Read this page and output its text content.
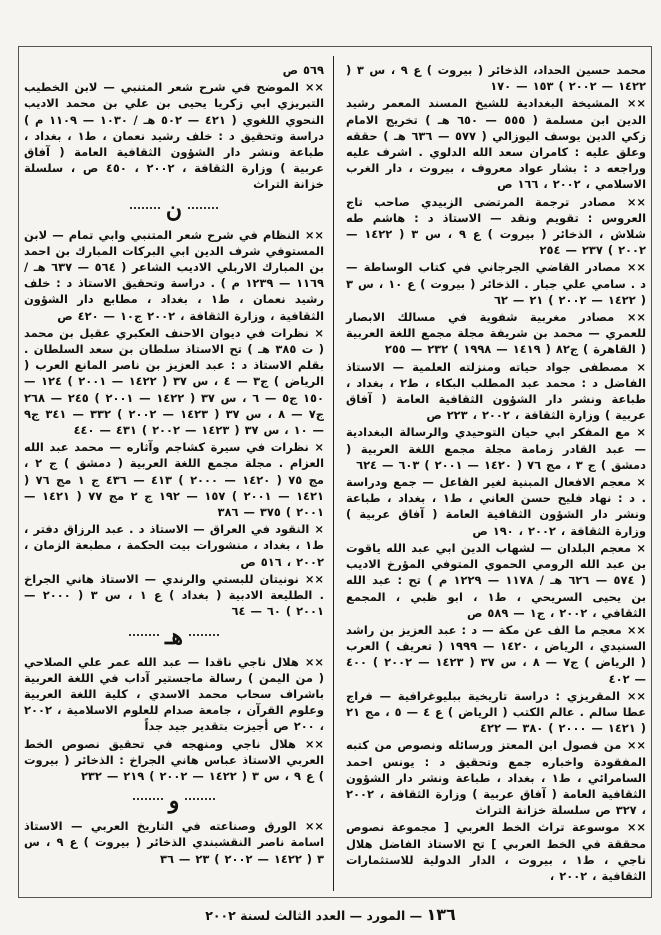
محمد حسين الحداد، الذخائر ( بيروت ) ع ٩ ، س ٣ ( ١٤٢٢ — ٢٠٠٢ ) ١٥٣ — ١٧٠

×× المشيخة البغدادية للشيخ المسند المعمر رشيد الدين ابن مسلمة ( ٥٥٥ — ٦٥٠ هـ ) تخريج الامام زكي الدين يوسف اليوزالي ( ٥٧٧ — ٦٣٦ هـ ) حققه وعلق عليه : كامران سعد الله الدلوي . اشرف عليه وراجعه د : بشار عواد معروف ، بيروت ، دار الغرب الاسلامي ، ٢٠٠٢ ، ١٦٦ ص

×× مصادر ترجمة المرتضى الزبيدي صاحب تاج العروس : تقويم ونقد — الاستاذ د : هاشم طه شلاش ، الذخائر ( بيروت ) ع ٩ ، س ٣ ( ١٤٢٢ — ٢٠٠٢ ) ٢٣٧ — ٢٥٤

×× مصادر القاضي الجرجاني في كتاب الوساطة — د . سامي علي جبار . الذخائر ( بيروت ) ع ١٠ ، س ٣ ( ١٤٢٢ — ٢٠٠٢ ) ٢١ — ٦٢

×× مصادر مغربية شفوية في مسالك الابصار للعمري — محمد بن شريفة مجلة مجمع اللغة العربية ( القاهرة ) ج٨٢ ( ١٤١٩ — ١٩٩٨ ) ٢٣٢ — ٢٥٥

× مصطفى جواد حياته ومنزلته العلمية — الاستاذ الفاضل د : محمد عبد المطلب البكاء ، ط٢ ، بغداد ، طباعة ونشر دار الشؤون الثقافية العامة ( آفاق عربية ) وزارة الثقافة ، ٢٠٠٢ ، ٢٢٣ ص

× مع المفكر ابي حيان التوحيدي والرسالة البغدادية — عبد القادر زمامة مجلة مجمع اللغة العربية ( دمشق ) ج ٣ ، مج ٧٦ ( ١٤٢٠ — ٢٠٠١ ) ٦٠٣ — ٦٢٤

× معجم الافعال المبنية لغير الفاعل — جمع ودراسة . د : نهاد فليح حسن العاني ، ط١ ، بغداد ، طباعة ونشر دار الشؤون الثقافية العامة ( آفاق عربية ) وزارة الثقافة ، ٢٠٠٢ ، ١٩٠ ص

× معجم البلدان — لشهاب الدين ابي عبد الله ياقوت بن عبد الله الرومي الحموي المتوفي المؤرخ الاديب ( ٥٧٤ — ٦٢٦ هـ / ١١٧٨ — ١٢٢٩ م ) تح : عبد الله بن يحيى السريحي ، ط١ ، ابو ظبي ، المجمع الثقافي ، ٢٠٠٢ ، ج١ — ٥٨٩ ص

×× معجم ما الف عن مكة — د : عبد العزيز بن راشد السنيدي ، الرياض ، ١٤٢٠ — ١٩٩٩ ( تعريف ) العرب ( الرياض ) ج٧ — ٨ ، س ٣٧ ( ١٤٢٣ — ٢٠٠٢ ) ٤٠٠ — ٤٠٢

×× المقريزي : دراسة تاريخية ببليوغرافية — فراج عطا سالم . عالم الكتب ( الرياض ) ع ٤ — ٥ ، مج ٢١ ( ١٤٢١ — ٢٠٠٠ ) ٣٨٠ — ٤٢٢

×× من فصول ابن المعتز ورسائله ونصوص من كتبه المفقودة واخباره جمع وتحقيق د : يونس احمد السامرائي ، ط١ ، بغداد ، طباعة ونشر دار الشؤون الثقافية العامة ( آفاق عربية ) وزارة الثقافة ، ٢٠٠٢ ، ٣٢٧ ص سلسلة خزانة التراث

×× موسوعة تراث الخط العربي [ مجموعة نصوص محققة في الخط العربي ] تح الاستاذ الفاضل هلال ناجي ، ط١ ، بيروت ، الدار الدولية للاستثمارات الثقافية ، ٢٠٠٢ ،

٥٦٩ ص
×× الموضح في شرح شعر المتنبي — لابن الخطيب التبريزي ابي زكريا يحيى بن علي بن محمد الاديب النحوي اللغوي ( ٤٢١ — ٥٠٢ هـ / ١٠٣٠ — ١١٠٩ م ) دراسة وتحقيق د : خلف رشيد نعمان ، ط١ ، بغداد ، طباعة ونشر دار الشؤون الثقافية العامة ( آفاق عربية ) وزارة الثقافة ، ٢٠٠٢ ، ٤٥٠ ص ، سلسلة خزانة التراث
ن
×× النظام في شرح شعر المتنبي وابي تمام — لابن المستوفي شرف الدين ابي البركات المبارك بن احمد بن المبارك الاربلي الاديب الشاعر ( ٥٦٤ — ٦٣٧ هـ / ١١٦٩ — ١٢٣٩ م ) . دراسة وتحقيق الاستاذ د : خلف رشيد نعمان ، ط١ ، بغداد ، مطابع دار الشؤون الثقافية ، وزارة الثقافة ، ٢٠٠٢ ج١٠ — ٤٢٠ ص
× نظرات في ديوان الاحنف العكبري عقيل بن محمد ( ت ٣٨٥ هـ ) تح الاستاذ سلطان بن سعد السلطان . بقلم الاستاذ د : عبد العزيز بن ناصر المانع العرب ( الرياض ) ج٣ — ٤ ، س ٣٧ ( ١٤٢٢ — ٢٠٠١ ) ١٢٤ — ١٥٠ ج٥ — ٦ ، س ٣٧ ( ١٤٢٢ — ٢٠٠١ ) ٢٤٥ — ٢٦٨ ج٧ — ٨ ، س ٣٧ ( ١٤٢٣ — ٢٠٠٢ ) ٣٣٢ — ٣٤١ ج٩ — ١٠ ، س ٣٧ ( ١٤٢٣ — ٢٠٠٢ ) ٤٣١ — ٤٤٠
× نظرات في سيرة كشاجم وآثاره — محمد عبد الله العزام . مجلة مجمع اللغة العربية ( دمشق ) ج ٢ ، مج ٧٥ ( ١٤٢٠ — ٢٠٠٠ ) ٤١٣ — ٤٣٦ ج ١ مج ٧٦ ( ١٤٢١ — ٢٠٠١ ) ١٥٧ — ١٩٢ ج ٢ مج ٧٧ ( ١٤٢١ — ٢٠٠١ ) ٣٧٥ — ٣٨٦
× النقود في العراق — الاستاذ د . عبد الرزاق دفتر ، ط١ ، بغداد ، منشورات بيت الحكمة ، مطبعة الزمان ، ٢٠٠٢ ، ٥١٦ ص
×× نونيتان للبستي والرندي — الاستاذ هاني الجراخ . الطليعة الادبية ( بغداد ) ع ١ ، س ٣ ( ٢٠٠٠ — ٢٠٠١ ) ٦٠ — ٦٤
هـ
×× هلال ناجي ناقدا — عبد الله عمر علي الصلاحي ( من اليمن ) رسالة ماجستير آداب في اللغة العربية باشراف سحاب محمد الاسدي ، كلية اللغة العربية وعلوم القرآن ، جامعة صدام للعلوم الاسلامية ، ٢٠٠٢ ، ٢٠٠ ص أجيزت بتقدير جيد جداً
×× هلال ناجي ومنهجه في تحقيق نصوص الخط العربي الاستاذ عباس هاني الجراخ : الذخائر ( بيروت ) ع ٩ ، س ٣ ( ١٤٢٢ — ٢٠٠٢ ) ٢١٩ — ٢٣٢
و
×× الورق وصناعته في التاريخ العربي — الاستاذ اسامة ناصر النقشبندي الذخائر ( بيروت ) ع ٩ ، س ٣ ( ١٤٢٢ — ٢٠٠٢ ) ٢٣ — ٣٦
١٣٦ — المورد — العدد الثالث لسنة ٢٠٠٢
